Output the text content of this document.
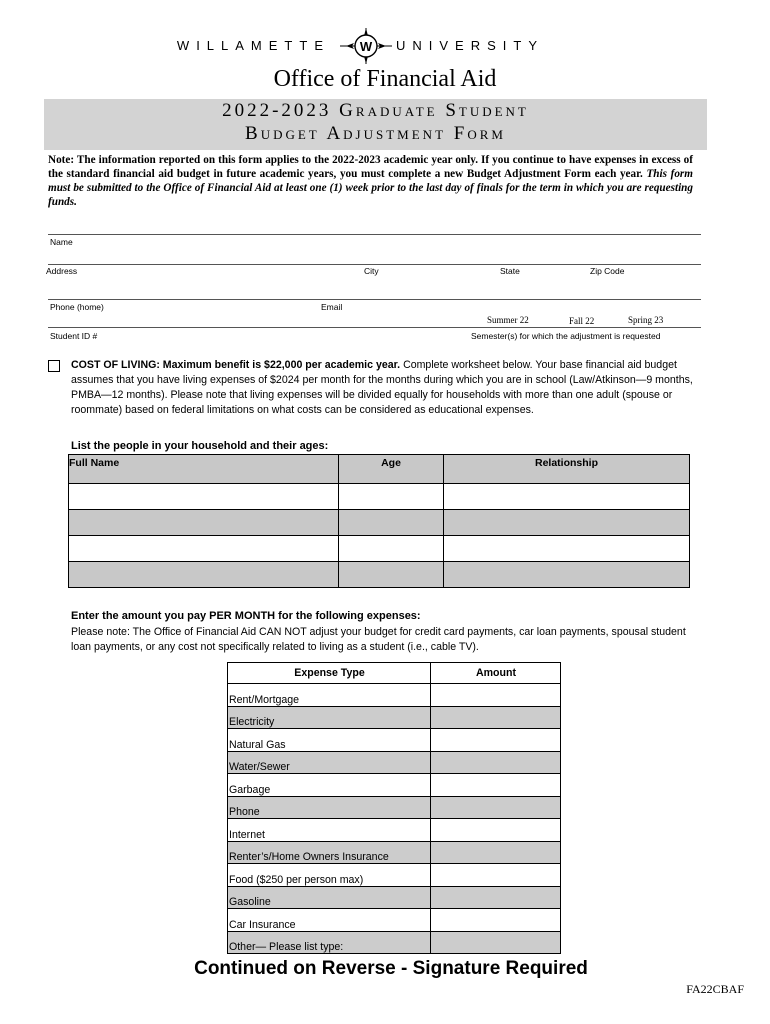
WILLAMETTE W UNIVERSITY
Office of Financial Aid
2022-2023 Graduate Student
Budget Adjustment Form
Note: The information reported on this form applies to the 2022-2023 academic year only. If you continue to have expenses in excess of the standard financial aid budget in future academic years, you must complete a new Budget Adjustment Form each year. This form must be submitted to the Office of Financial Aid at least one (1) week prior to the last day of finals for the term in which you are requesting funds.
Name
Address	City	State	Zip Code
Phone (home)	Email
Summer 22	Fall 22	Spring 23
Student ID #	Semester(s) for which the adjustment is requested
COST OF LIVING: Maximum benefit is $22,000 per academic year. Complete worksheet below. Your base financial aid budget assumes that you have living expenses of $2024 per month for the months during which you are in school (Law/Atkinson—9 months, PMBA—12 months). Please note that living expenses will be divided equally for households with more than one adult (spouse or roommate) based on federal limitations on what costs can be considered as educational expenses.
List the people in your household and their ages:
Full Name	Age	Relationship

Enter the amount you pay PER MONTH for the following expenses:
Please note: The Office of Financial Aid CAN NOT adjust your budget for credit card payments, car loan payments, spousal student loan payments, or any cost not specifically related to living as a student (i.e., cable TV).
Expense Type	Amount
Rent/Mortgage	
Electricity	
Natural Gas	
Water/Sewer	
Garbage	
Phone	
Internet	
Renter’s/Home Owners Insurance	
Food ($250 per person max)	
Gasoline	
Car Insurance	
Other— Please list type:	
Continued on Reverse - Signature Required
FA22CBAF
